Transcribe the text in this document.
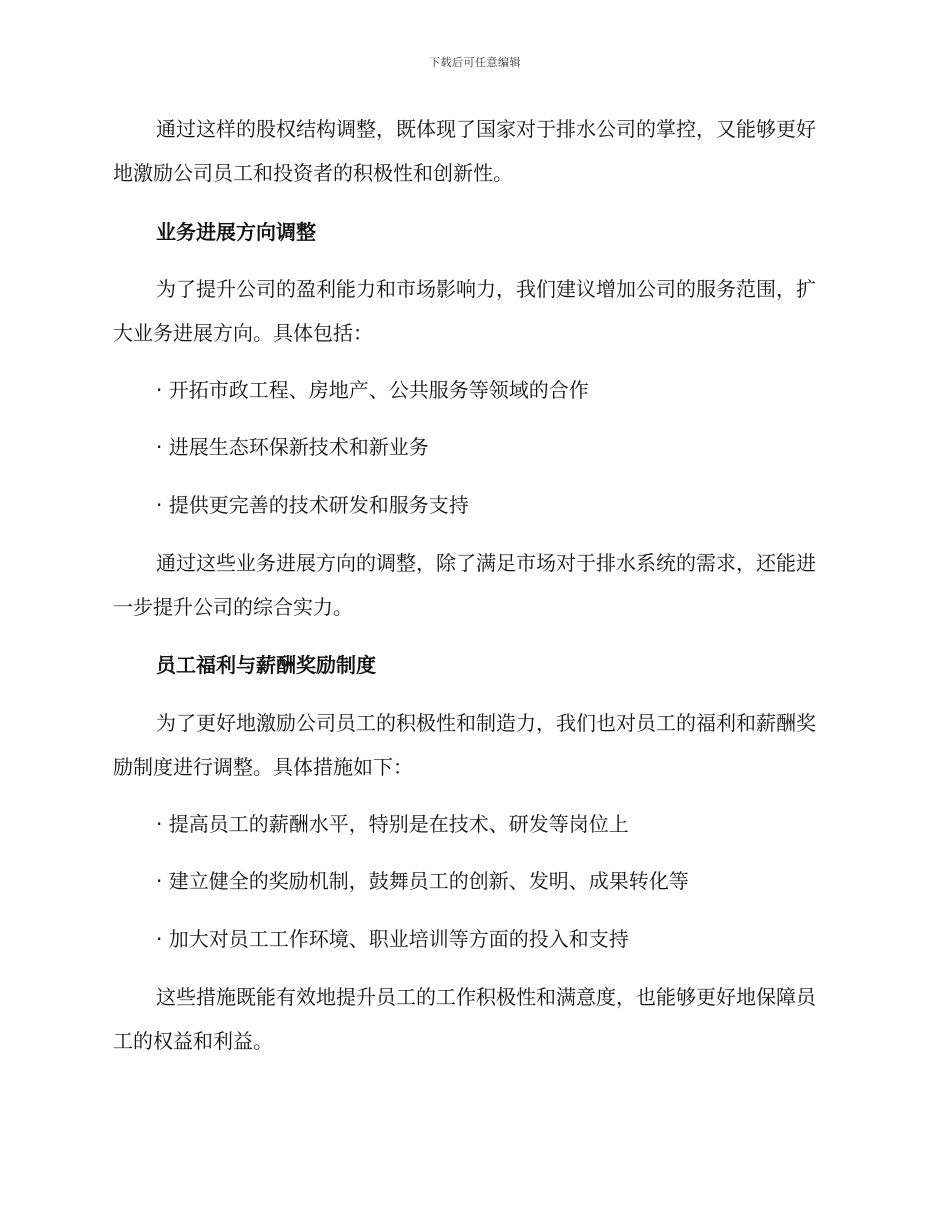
下载后可任意编辑
通过这样的股权结构调整，既体现了国家对于排水公司的掌控，又能够更好地激励公司员工和投资者的积极性和创新性。
业务进展方向调整
为了提升公司的盈利能力和市场影响力，我们建议增加公司的服务范围，扩大业务进展方向。具体包括：
· 开拓市政工程、房地产、公共服务等领域的合作
· 进展生态环保新技术和新业务
· 提供更完善的技术研发和服务支持
通过这些业务进展方向的调整，除了满足市场对于排水系统的需求，还能进一步提升公司的综合实力。
员工福利与薪酬奖励制度
为了更好地激励公司员工的积极性和制造力，我们也对员工的福利和薪酬奖励制度进行调整。具体措施如下：
· 提高员工的薪酬水平，特别是在技术、研发等岗位上
· 建立健全的奖励机制，鼓舞员工的创新、发明、成果转化等
· 加大对员工工作环境、职业培训等方面的投入和支持
这些措施既能有效地提升员工的工作积极性和满意度，也能够更好地保障员工的权益和利益。
